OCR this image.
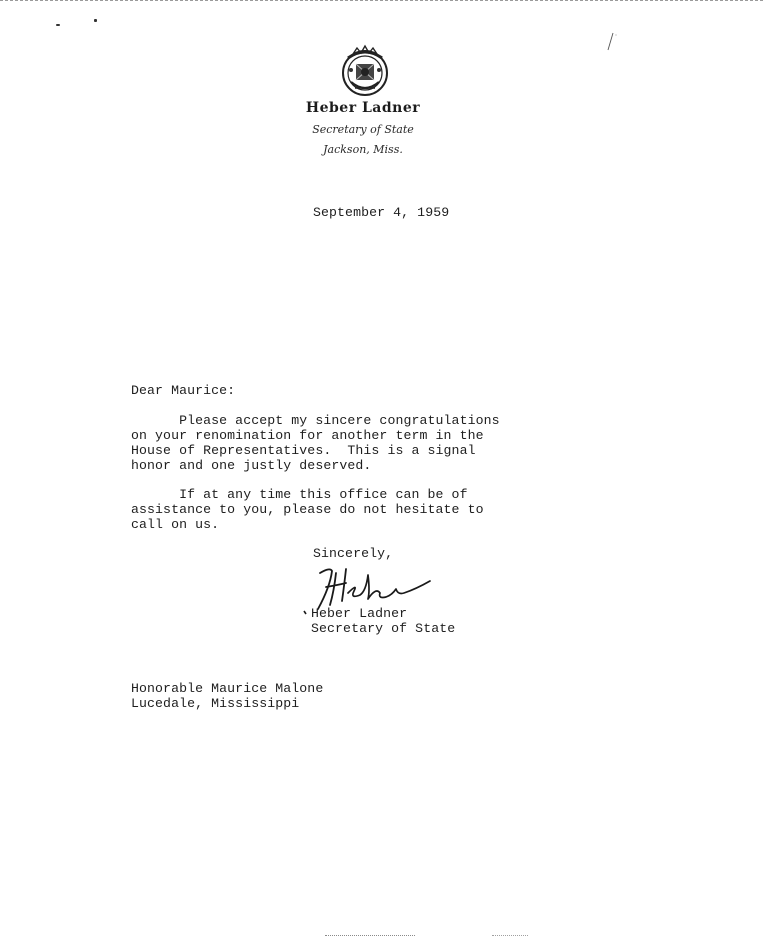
Heber Ladner
Secretary of State
Jackson, Miss.
September 4, 1959
Dear Maurice:
Please accept my sincere congratulations
on your renomination for another term in the
House of Representatives.  This is a signal
honor and one justly deserved.
If at any time this office can be of
assistance to you, please do not hesitate to
call on us.
Sincerely,
Heber Ladner
Secretary of State
Honorable Maurice Malone
Lucedale, Mississippi
